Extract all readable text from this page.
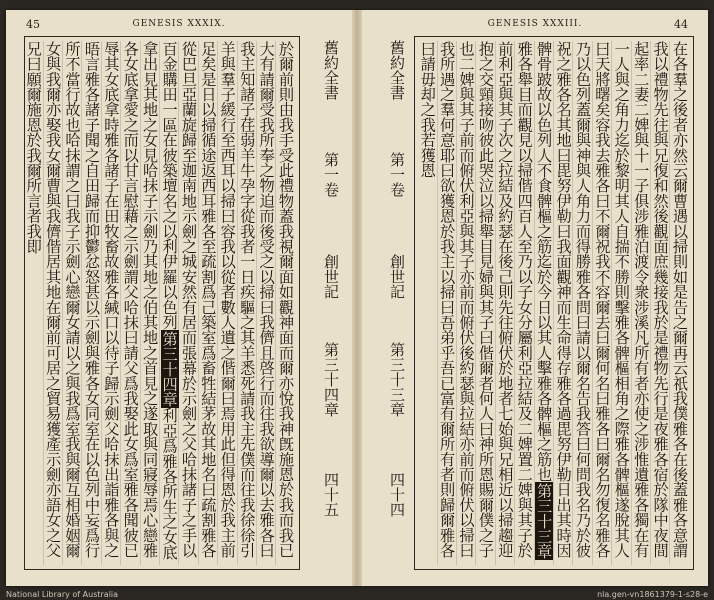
45	GENESIS XXXIX.
於爾前則由我手受此禮物蓋我視爾面如觀神面而爾亦悅我神旣施恩於我而我已大有請爾受我所奉之物迫而後受之以掃曰我儕且啓行而往我欲導爾以去雅各曰我主知諸子荏弱羊牛孕字從我者一日疾驅之其羊悉死請我主先僕而往我徐徐引羊與羣子緩行至西耳以掃曰容我以從者數人遺之偕爾曰焉用此但得恩於我主前足矣是日以掃循途返西耳雅各至疏割爲己築室爲畜牲結茅故其地名曰疏割雅各從巴旦亞蘭旋歸至迦南地示劍之城安然有居而張幕於示劍之父哈抹諸子之手以百金購田一區在彼築壇名之以利伊羅以色列第三十四章利亞爲雅各所生之女底拿出見其地之女見哈抹子示劍乃其地之伯其地之首見之遂取與同寢辱焉心戀雅各女底拿愛之而以甘言慰藉之示劍謂父哈抹曰請父爲我娶此女爲室雅各聞彼已辱其女底拿時雅各諸子在田牧畜故雅各緘口以待子歸示劍父哈抹出詣雅各與之晤言雅各諸子聞之自田歸而抑鬱忿怒甚以示劍與雅各女同室在以色列中妄爲行所不當行故也哈抹謂之曰我子示劍心戀爾女請以之與我爲室我與爾互相婚姻爾女與我爾亦娶我女爾曹與我儕偕居其地在爾前可居之貿易獲產示劍亦語女之父兄曰願爾施恩於我爾所言者我即	舊約全書
第一卷
創世記
第三十四章
四十五
GENESIS XXXIII.	44
在各羣之後者亦然云爾曹遇以掃則如是告之爾再云祇我僕雅各在後蓋雅各意謂我以禮物先往與兄復和然後觀面庶幾接我於是禮物先行是夜雅各宿於隊中夜間起率二妻二婢與十一子俱涉雅泊渡令衆涉溪凡所有者亦使之涉惟遺雅各獨在有一人與之角力迄於黎明其人自揣不勝則擊雅各髀樞相角之際雅各髀樞遂脫其人曰天將曙矣容我去雅各曰不爾祝我不容爾去曰爾何名曰雅各曰爾名勿復名雅各乃以色列蓋爾與神與人角力而得勝雅各問曰請以爾名告我答曰何問我名乃於彼祝之雅各名其地曰毘努伊勒曰我面觀神而生命得存雅各過毘努伊勒日出其時因髀骨跛故以色列人不食髀樞之筋迄於今日以其人擊雅各髀樞之筋也第三十三章雅各舉目而觀見以掃偕四百人至乃以子女分屬利亞拉結及二婢置二婢與其子於前利亞與其子次之拉結及約瑟在後己則先往俯伏於地者七始與兄相近以掃趨迎抱之交頸接吻彼此哭泣以掃舉目見婦與其子曰偕爾者何人曰神所恩賜爾僕之子也二婢與其子前而俯伏利亞與其子亦前而俯伏後約瑟與拉結亦前而俯伏以掃曰我所遇之羣何意耶曰欲獲恩於我主以掃曰吾弟乎吾已富有爾所有者則歸爾雅各曰請毋却之我若獲恩
舊約全書
第一卷
創世記
第三十三章
四十四
National Library of Australia	nla.gen-vn1861379-1-s28-e
